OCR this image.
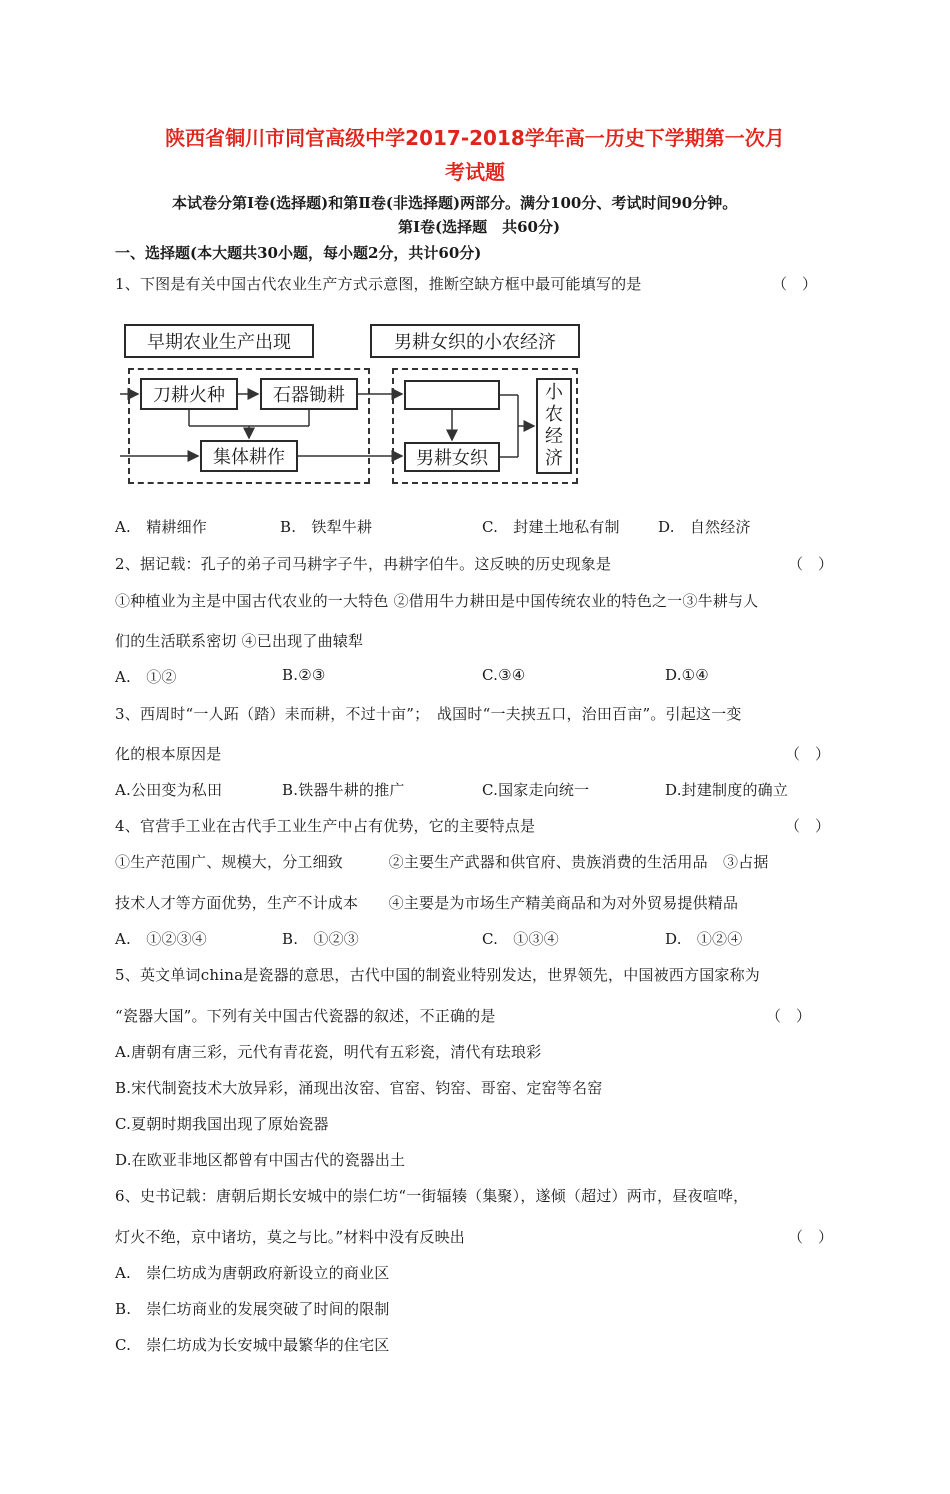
陕西省铜川市同官高级中学2017-2018学年高一历史下学期第一次月
考试题
本试卷分第Ⅰ卷(选择题)和第Ⅱ卷(非选择题)两部分。满分100分、考试时间90分钟。
第Ⅰ卷(选择题　共60分)
一、选择题(本大题共30小题，每小题2分，共计60分)
1、下图是有关中国古代农业生产方式示意图，推断空缺方框中最可能填写的是	（　）
早期农业生产出现	男耕女织的小农经济
刀耕火种	石器锄耕
集体耕作	男耕女织
小
农
经
济
A.　精耕细作	B.　铁犁牛耕	C.　封建土地私有制	D.　自然经济
2、据记载：孔子的弟子司马耕字子牛，冉耕字伯牛。这反映的历史现象是	（　）
①种植业为主是中国古代农业的一大特色 ②借用牛力耕田是中国传统农业的特色之一③牛耕与人
们的生活联系密切 ④已出现了曲辕犁
A.　①②	B.②③	C.③④	D.①④
3、西周时“一人跖（踏）耒而耕，不过十亩”；　战国时“一夫挟五口，治田百亩”。引起这一变
化的根本原因是	（　）
A.公田变为私田	B.铁器牛耕的推广	C.国家走向统一	D.封建制度的确立
4、官营手工业在古代手工业生产中占有优势，它的主要特点是	（　）
①生产范围广、规模大，分工细致　　　②主要生产武器和供官府、贵族消费的生活用品　③占据
技术人才等方面优势，生产不计成本　　④主要是为市场生产精美商品和为对外贸易提供精品
A.　①②③④	B.　①②③	C.　①③④	D.　①②④
5、英文单词china是瓷器的意思，古代中国的制瓷业特别发达，世界领先，中国被西方国家称为
“瓷器大国”。下列有关中国古代瓷器的叙述，不正确的是	（　）
A.唐朝有唐三彩，元代有青花瓷，明代有五彩瓷，清代有珐琅彩
B.宋代制瓷技术大放异彩，涌现出汝窑、官窑、钧窑、哥窑、定窑等名窑
C.夏朝时期我国出现了原始瓷器
D.在欧亚非地区都曾有中国古代的瓷器出土
6、史书记载：唐朝后期长安城中的崇仁坊“一街辐辏（集聚），遂倾（超过）两市，昼夜喧哗，
灯火不绝，京中诸坊，莫之与比。”材料中没有反映出	（　）
A.　崇仁坊成为唐朝政府新设立的商业区
B.　崇仁坊商业的发展突破了时间的限制
C.　崇仁坊成为长安城中最繁华的住宅区
